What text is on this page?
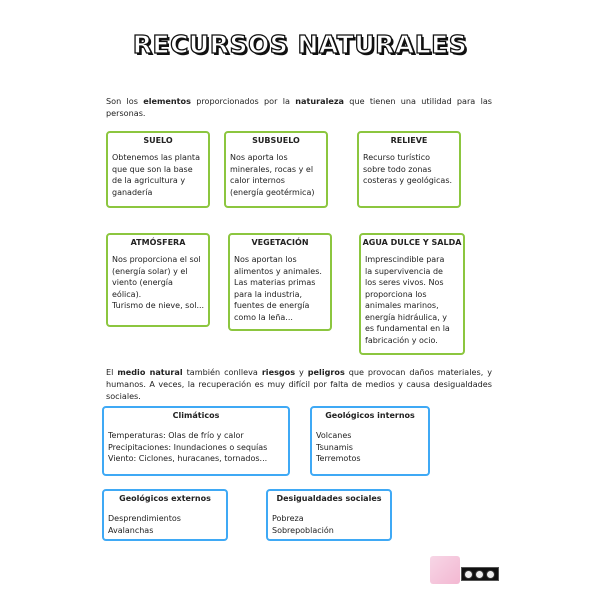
RECURSOS NATURALES
Son los elementos proporcionados por la naturaleza que tienen una utilidad para las personas.
SUELO
Obtenemos las planta
que que son la base
de la agricultura y
ganadería
SUBSUELO
Nos aporta los
minerales, rocas y el
calor internos
(energía geotérmica)
RELIEVE
Recurso turístico
sobre todo zonas
costeras y geológicas.
ATMÓSFERA
Nos proporciona el sol
(energía solar) y el
viento (energía
eólica).
Turismo de nieve, sol...
VEGETACIÓN
Nos aportan los
alimentos y animales.
Las materias primas
para la industria,
fuentes de energía
como la leña...
AGUA DULCE Y SALDA
Imprescindible para
la supervivencia de
los seres vivos. Nos
proporciona los
animales marinos,
energía hidráulica, y
es fundamental en la
fabricación y ocio.
El medio natural también conlleva riesgos y peligros que provocan daños materiales, y humanos. A veces, la recuperación es muy difícil por falta de medios y causa desigualdades sociales.
Climáticos
Temperaturas: Olas de frío y calor
Precipitaciones: Inundaciones o sequías
Viento: Ciclones, huracanes, tornados...
Geológicos internos
Volcanes
Tsunamis
Terremotos
Geológicos externos
Desprendimientos
Avalanchas
Desigualdades sociales
Pobreza
Sobrepoblación
